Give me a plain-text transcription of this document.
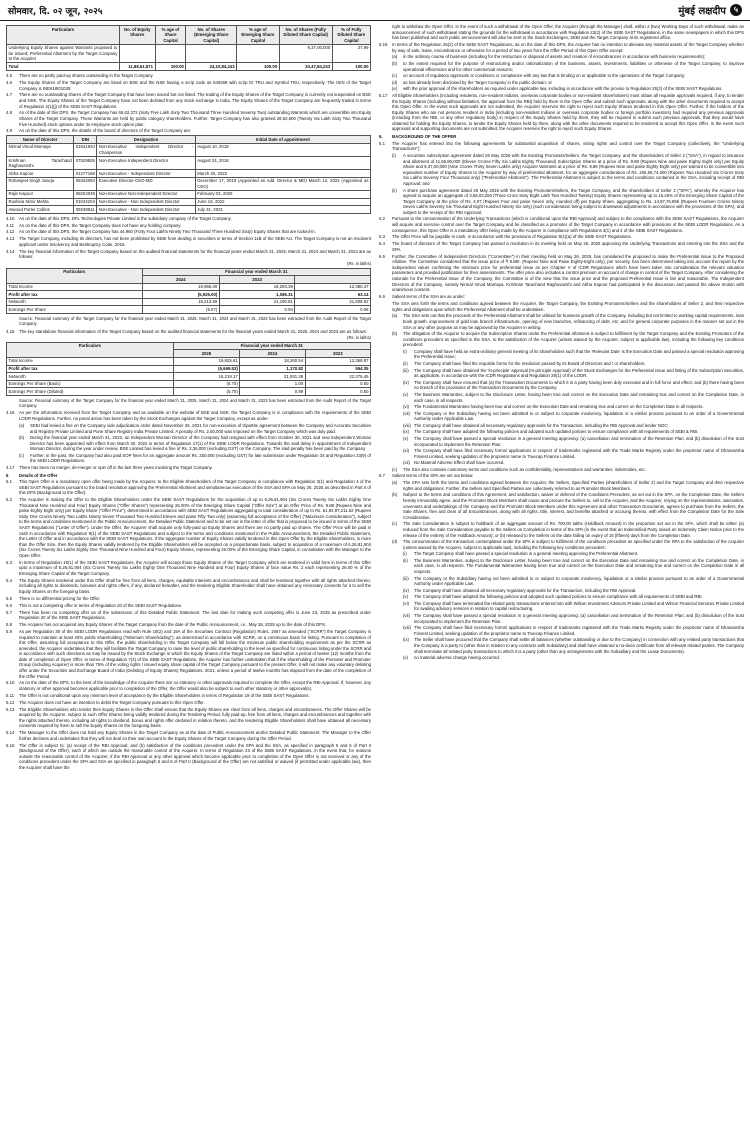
सोमवार, दि. ०२ जून, २०२५	मुंबई लक्षदीप ५
Particulars	No. of Equity Shares	% age of Share Capital	No. of Shares (Emerging Share Capital)	% age of Emerging Share Capital	No. of Shares (Fully Diluted Share Capital)	% of Fully Diluted Share Capital
Underlying Equity Shares against Warrants proposed to be issued; Preferential Allotment by the Target Company to the Acquirer					9,37,00,000	27.99
Total	11,88,61,871	100.00	24,10,84,243	100.00	33,47,84,243	100.00
4.5	There are no partly paid-up shares outstanding in the Target Company.
4.6	The Equity Shares of the Target Company are listed on BSE and the NSE having a scrip code as 540268 with scrip ID TRU and Symbol TRU, respectively. The ISIN of the Target Company is INE618I01029.
4.7	There are no outstanding shares of the Target Company that have been issued but not listed. The trading of the Equity Shares of the Target Company is currently not suspended on BSE and NSE. The Equity Shares of the Target Company have not been delisted from any stock exchange in India. The Equity Shares of the Target Company are frequently traded in terms of Regulation 2(1)(j) of the SEBI SAST Regulations.
4.8	As of the date of this DPS, the Target Company has 65,62,372 (Sixty Five Lakh Sixty Two Thousand Three Hundred Seventy Two) outstanding Warrants which are convertible into Equity Shares of the Target Company. These Warrants are held by public category shareholders. Further, Target Company has also granted 28,62,500 (Twenty Six Lakh Sixty Two Thousand Five Hundred) stock options under its employee stock option plan.
4.9	As on the date of this DPS, the details of the board of directors of the Target Company are:
Name of Director	DIN	Designation	Initial Date of appointment
Nirmal Vinod Momaya	01641934	Non-Executive Independent Director - Chairperson	August 10, 2018
Krishnan Tarachand Raghuvanshi	07529826	Non-Executive Independent Director	August 24, 2018
Abha Kapoor	01277168	Non-Executive - Independent Director	March 30, 2022
Rohanjeet Singh Juneja	08342094	Executive Director-CEO-MD	December 17, 2019 (Appointed as Add. Director & MD) March 12, 2022 (Appointed as CEO)
Rajiv Kapoor	08204049	Non-Executive Non-Independent Director	February 03, 2020
Rushina Nimir Mehta	01042204	Non-Executive - Non Independent Director	June 16, 2022
Atwood Porter Collins	09238511	Non-Executive - Non Independent Director	July 31, 2021
4.10	As on the date of this DPS, DFL Technologies Private Limited is the subsidiary company of the Target Company.
4.11	As on the date of this DPS, the Target Company does not have any holding company.
4.12	As on the date of this DPS, the Target Company has 44,960 (Forty Four Lakhs Ninety Two Thousand Three Hundred Sixty) Equity Shares that are locked-in.
4.13	The Target Company, including its directors, has not been prohibited by SEBI from dealing in securities in terms of Section 11B of the SEBI Act. The Target Company is not an Insolvent applicant under Insolvency and Bankruptcy Code, 2016.
4.14	The key financial information of the Target Company based on the audited financial statements for the financial years ended March 31, 2025, March 31, 2024 and March 31, 2023 are as follows:
(Rs. in lakhs)
Particulars	Financial year ended March 31		
	2024	2023	
Total Income	19,955.00	18,284.39	12,380.47
Profit after tax	(5,925.00)	1,086.31	63.14
Networth	16,213.69	21,190.81	21,608.92
Earnings Per Share	(5.07)	0.94	0.06
Source: Financial summary of the Target Company for the financial year ended March 31, 2025, March 31, 2024 and March 31, 2023 has been extracted from the Audit Report of the Target Company.
4.15	The key standalone financial information of the Target Company based on the audited financial statements for the financial years ended March 31, 2025, 2024 and 2023 are as follows:
(Rs. in lakhs)
Particulars	Financial year ended March 31		
	2025	2024	2023
Total Income	19,925.61	18,260.54	12,368.87
Profit after tax	(6,669.53)	1,170.82	554.35
Networth	16,219.17	21,931.38	22,275.45
Earnings Per Share (Basic)	(5.70)	1.00	0.50
Earnings Per Share (Diluted)	(5.70)	0.99	0.50
Source: Financial summary of the Target Company for the financial year ended March 31, 2025, March 31, 2024 and March 31, 2023 has been extracted from the Audit Report of the Target Company.
4.16	As per the information received from the Target Company and as available on the website of BSE and NSE, the Target Company is in compliance with the requirements of the SEBI LODR Regulations. Further, no penal action has been taken by the Stock Exchanges against the Target Company, except as under:
(a)	SEBI had levied a fine on the Company vide adjudication order dated November 25, 2021 for non-execution of tripartite agreement between the Company and Accurate Securities and Registry Private Limited and Pune Share Registry India Private Limited. A penalty of Rs. 2,50,000 was imposed on the Target Company which was duly paid.
(b)	During the financial year ended March 31, 2022, an Independent Woman Director of the Company had resigned with effect from October 30, 2021 and new Independent Woman Director has been appointed with effect from March 30, 2022 in terms of Regulation 17(1) of the SEBI LODR Regulations. Towards the said delay in appointment of Independent Woman Director, during the year under review, BSE Limited has levied a fine of Rs. 2,36,000 (excluding GST) on the Company. The said penalty has been paid by the Company.
(c)	Further, in the past, the Company had also paid SOP fines for an aggregate amount Rs. 250,000 (excluding GST) for late submission under Regulation 34 and Regulation 23(9) of the SEBI LODR Regulations.
4.17	There has been no merger, de-merger or spin off in the last three years involving the Target Company.
5	Details of the Offer
5.1	This Open Offer is a mandatory open offer being made by the Acquirer, to the Eligible Shareholders of the Target Company in compliance with Regulation 3(1) and Regulation 4 of the SEBI SAST Regulations pursuant to the board resolution approving the Preferential Allotment and simultaneous execution of the SSA and SPA on May 26, 2025 as described in Part II of this DPS (Background to the Offer).
5.2	The Acquirer is making the Offer to the Eligible Shareholders under the SEBI SAST Regulations for the acquisition of up to 6,26,81,904 (Six Crores Twenty Six Lakhs Eighty One Thousand Nine Hundred and Four) Equity Shares ("Offer Shares") representing 26.00% of the Emerging Share Capital ("Offer Size") at an Offer Price of Rs. 9.88 (Rupees Nine and paise Eighty Eight only) per Equity Share ("Offer Price"), determined in accordance with SEBI SAST Regulations aggregating to total consideration of up to Rs. 61,92,97,211.52 (Rupees Sixty One Crores Ninety Two Lakhs Ninety Seven Thousand Two Hundred Eleven and paise Fifty Two only) (assuming full acceptance of the Offer) ("Maximum Consideration"), subject to the terms and conditions mentioned in the Public Announcement, the Detailed Public Statement and to be set out in the letter of offer that is proposed to be issued in terms of the SEBI SAST Regulations ("Letter of Offer"). Under the Offer, the Acquirer shall acquire only fully-paid up Equity Shares and there are no partly paid up shares. The Offer Price will be paid in cash in accordance with Regulation 9(1) of the SEBI SAST Regulations and subject to the terms and conditions mentioned in the Public Announcement, the Detailed Public Statement, the Letter of Offer and in accordance with the SEBI SAST Regulations. If the aggregate number of Equity Shares validly tendered in this Open Offer by the Eligible Shareholders, is more than the Offer Size, then the Equity Shares validly tendered by the Eligible Shareholders will be accepted on a proportionate basis, subject to acquisition of a maximum of 6,26,81,904 (Six Crores Twenty Six Lakhs Eighty One Thousand Nine Hundred and Four) Equity Shares, representing 26.00% of the Emerging Share Capital, in consultation with the Manager to the Open Offer.
5.3	In terms of Regulation 19(1) of the SEBI SAST Regulations, the Acquirer will accept those Equity Shares of the Target Company which are tendered in valid form in terms of this Offer upto a maximum of 6,26,81,904 (Six Crores Twenty Six Lakhs Eighty One Thousand Nine Hundred and Four) Equity Shares of face value Rs. 2 each representing 26.00 % of the Emerging Share Capital of the Target Company.
5.4	The Equity Shares tendered under this Offer shall be free from all liens, charges, equitable interests and encumbrances and shall be tendered together with all rights attached thereto, including all rights to dividends, bonuses and rights offers, if any, declared hereafter, and the tendering Eligible Shareholder shall have obtained any necessary consents for it to sell the Equity Shares on the foregoing basis.
5.5	There is no differential pricing for the Offer.
5.6	This is not a competing offer in terms of Regulation 20 of the SEBI SAST Regulations.
5.7	There has been no competing offer as of the submission of this Detailed Public Statement. The last date for making such competing offer is June 23, 2025 as prescribed under Regulation 20 of the SEBI SAST Regulations.
5.8	The Acquirer has not acquired any Equity Shares of the Target Company from the date of the Public Announcement, i.e., May 26, 2025 up to the date of this DPS.
5.9	As per Regulation 38 of the SEBI LODR Regulations read with Rule 19(2) and 19A of the Securities Contract (Regulation) Rules, 1957 as amended ("SCRR") the Target Company is required to maintain at least 25% public shareholding ("Minimum Shareholding"), as determined in accordance with SCRR, on a continuous basis for listing. Pursuant to completion of this Offer, assuming full acceptance to this Offer, the public shareholding in the Target Company will fall below the minimum public shareholding requirement as per the SCRR as amended, the Acquirer undertakes that they will facilitate the Target Company to raise the level of public shareholding to the level as specified for continuous listing under the SCRR and in accordance with such directions as may be issued by the Stock Exchange in which the Equity Shares of the Target Company are listed within a period of twelve (12) months from the date of completion of Open Offer. In terms of Regulation 7(4) of the SEBI SAST Regulations, the Acquirer has further undertaken that if the shareholding of the Promoter and Promoter Group (including Acquirer) is more than 75% of the voting rights / issued equity share capital of the Target Company pursuant to the present Offer, it will not make any voluntary delisting offer under the Securities and Exchange Board of India (Delisting of Equity Shares) Regulations, 2021, unless a period of twelve months has elapsed from the date of the completion of the Offer Period.
5.10	As on the date of the DPS, to the best of the knowledge of the Acquirer there are no statutory or other approvals required to complete the Offer, except the RBI Approval. If, however, any statutory or other approval becomes applicable prior to completion of the Offer, the Offer would also be subject to such other statutory or other approval(s).
5.11	The Offer is not conditional upon any minimum level of acceptance by the Eligible Shareholders in terms of Regulation 19 of the SEBI SAST Regulations.
5.12	The Acquirer does not have an intention to delist the Target Company pursuant to this Open Offer.
5.13	The Eligible Shareholders who tender their Equity Shares in this Offer shall ensure that the Equity Shares are clear from all liens, charges and encumbrances. The Offer Shares will be acquired by the Acquirer, subject to such Offer Shares being validly tendered during the Tendering Period, fully paid-up, free from all liens, charges and encumbrances and together with the rights attached thereto, including all rights to dividend, bonus and rights offer declared in relation thereto, and the tendering Eligible Shareholders shall have obtained all necessary consents required by them to sell the Equity Shares on the foregoing basis.
5.14	The Manager to the Offer does not hold any Equity Shares in the Target Company as at the date of Public Announcement and/or Detailed Public Statement. The Manager to the Offer further declares and undertakes that they will not deal on their own account in the Equity Shares of the Target Company during the Offer Period.
5.15	The Offer is subject to: (a) receipt of the RBI Approval; and (b) satisfaction of the conditions precedent under the SPA and the SSA, as specified in paragraph 5 and 6 of Part II (Background of the Offer), each of which are outside the reasonable control of the Acquirer. In terms of Regulation 23 of the SEBI SAST Regulations, in the event that, for reasons outside the reasonable control of the Acquirer, if the RBI Approval or any other approval which become applicable prior to completion of the Open Offer is not received or any of the conditions precedent under the SPA and SSA as specified in paragraph 5 and 6 of Part II (Background of the Offer) are not satisfied or waived (if permitted under applicable law), then the Acquirer shall have the
right to withdraw the Open Offer. In the event of such a withdrawal of the Open Offer, the Acquirer (through the Manager) shall, within 2 (two) Working Days of such withdrawal, make an announcement of such withdrawal stating the grounds for the withdrawal in accordance with Regulation 23(2) of the SEBI SAST Regulations, in the same newspapers in which this DPS has been published and such public announcement will also be sent to the Stock Exchanges, SEBI and the Target Company at its registered office.
5.16	In terms of the Regulation 25(2) of the SEBI SAST Regulations, as on the date of this DPS, the Acquirer has no intention to alienate any material assets of the Target Company whether by way of sale, lease, encumbrance or otherwise for a period of two years from the Offer Period of this Open Offer except:
(a)	in the ordinary course of business (including for the restructure or disposal of assets and creation of encumbrances in accordance with business requirements);
(b)	to the extent required for the purpose of restructuring and/or rationalization of the business, assets, investments, liabilities or otherwise of the Target Company, to improve operational efficiencies and for other commercial reasons;
(c)	on account of regulatory approvals or conditions or compliance with any law that is binding on or applicable to the operations of the Target Company;
(d)	as has already been disclosed by the Target Company in the public domain; or
(e)	with the prior approval of the shareholders as required under applicable law, including in accordance with the proviso to Regulation 25(2) of the SEBI SAST Regulations.
5.17	All Eligible Shareholders (including residents, non-resident Indians, overseas corporate bodies or non-resident shareholders) must obtain all requisite approvals required, if any, to tender the Equity Shares (including without limitation, the approval from the RBI) held by them in the Open Offer and submit such approvals, along with the other documents required to accept this Open Offer. In the event such approvals are not submitted, the Acquirer reserves the right to reject such Equity Shares tendered in this Open Offer. Further, if the holders of the Equity Shares who are not persons resident in India (including non-resident Indians or overseas corporate bodies or foreign portfolio investors) had required any previous approvals (including from the RBI, or any other regulatory body) in respect of the Equity Shares held by them, they will be required to submit such previous approvals, that they would have obtained for holding the Equity Shares, to tender the Equity Shares held by them, along with the other documents required to be tendered to accept this Open Offer. In the event such approvals and supporting documents are not submitted, the Acquirer reserves the right to reject such Equity Shares.
6.	BACKGROUND OF THE OFFER
6.1	The Acquirer has entered into the following agreements for substantial acquisition of shares, voting rights and control over the Target Company (collectively, the "Underlying Transactions"):
(i)	A securities subscription agreement dated 26 May 2025 with the Existing Promoters/Sellers, the Target Company, and the shareholders of Seller 2 ("SSA"), in regard to issuance and allotment of 11,56,80,000 (Eleven Crores Fifty Six Lakhs Eighty Thousand) Subscription Shares at a price of Rs. 9.88 (Rupees Nine and paise Eighty Eight only) per Equity Share and 9,37,00,000 (Nine Crores Thirty Seven Lakhs only) Acquirer Warrants at a price of Rs. 9.88 (Rupees Nine and paise Eighty Eight only) per warrant to be convertible into equivalent number of Equity Shares to the Acquirer by way of preferential allotment, for an aggregate consideration of Rs. 206,66,74,000 (Rupees Two Hundred Six Crores Sixty Six Lakhs Seventy Four Thousand only) ("Preferential Allotment"). The Preferential Allotment is subject to the terms and conditions contained in the SSA, including receipt of RBI Approval; and
(ii)	A share purchase agreement dated 26 May 2025 with the Existing Promoters/Sellers, the Target Company, and the shareholders of Seller 2 ("SPA"), whereby the Acquirer has agreed to acquire an aggregate of 3,68,03,250 (Three Crore Sixty Eight Lakh Two Hundred Twenty) Equity Shares representing up to 15.26% of the Emerging Share Capital of the Target Company at the price of Rs. 4.07 (Rupees Four and paise Seven only, rounded off) per Equity Share, aggregating to Rs. 14,97,76,896 (Rupees Fourteen Crores Ninety Seven Lakhs Seventy Six Thousand Eight Hundred Ninety Six only) (such consideration being subject to downward adjustments in accordance with the provisions of the SPA), and subject to the receipt of the RBI Approval.
6.2	Pursuant to the consummation of the Underlying Transactions (which is conditional upon the RBI Approval) and subject to the compliance with the SEBI SAST Regulations, the Acquirer will acquire and exercise control over the Target Company and be classified as a promoter of the Target Company in accordance with provisions of the SEBI LODR Regulations. As a consequence, this Open Offer is a mandatory offer being made by the Acquirer in compliance with Regulations 3(1) and 4 of the SEBI SAST Regulations.
6.3	The Offer Price will be payable in cash, in accordance with the provisions of Regulation 9(1)(a) of the SEBI SAST Regulations.
6.4	The board of directors of the Target Company has passed a resolution in its meeting held on May 26, 2025 approving the Underlying Transactions and entering into the SSA and the SPA.
6.5	Further, the Committee of Independent Directors ("Committee") in their meeting held on May 26, 2025, has considered the proposed to make the Preferential Issue to the Proposed Allottee. The Committee considered that the issue price of ₹ 9.88/- (Rupees Nine and Paise Eighty-Eight only), per security, has been determined taking into account the report by the independent valuer confirming the minimum price for preferential issue as per Chapter V of ICDR Regulations which have been taken into consideration the relevant valuation parameters and provided justification for their assessments. The offer price also includes a control premium on account of change in control of the Target Company. After considering the rationale for the Preferential Issue of the Company, the Committee is of the view that the issue price and the proposed Preferential Issue is fair and reasonable. The Independent Directors of the Company, namely Nirmal Vinod Momaya, Krishnan Tarachand Raghuvanshi and Abha Kapoor had participated in the discussion and passed the above motion with unanimous consent.
6.6	Salient terms of the SSA are as under:
The SSA sets forth the terms and conditions agreed between the Acquirer, the Target Company, the Existing Promoters/Sellers and the shareholders of Seller 2, and their respective rights and obligations upon which the Preferential Allotment shall be undertaken.
(a)	The SSA sets out that the proceeds of the Preferential Allotment shall be utilised for business growth of the Company, including but not limited to working capital requirements, loan book growth, improvement of gold loan branch infrastructure, opening of new branches, refinancing of debt, etc; and for general corporate purposes in the manner set out in the SSA or any other purpose as may be approved by the Acquirer in writing.
(b)	The obligation of the Acquirer to acquire the Subscription Shares under the Preferential Allotment is subject to fulfilment by the Target Company and the Existing Promoters of the conditions precedent as specified in the SSA, to the satisfaction of the Acquirer (unless waived by the Acquirer, subject to applicable law), including the following key conditions precedent:
(i)	Company shall have held an extra-ordinary general meeting of its shareholders such that the 'Relevant Date' is the Execution Date and passed a special resolution approving the Preferential Issue;
(ii)	The Company shall have filed the requisite forms for the resolution passed by its Board of Directors and / or shareholders.
(iii)	The Company shall have obtained the 'in-principle' approval (In-principle Approval) of the Stock Exchanges for the Preferential Issue and listing of the Subscription Securities, as applicable, in accordance with the ICDR Regulations and Regulation 28(1) of the LODR.
(iv)	The Company shall have ensured that (a) the Transaction Documents to which it is a party having been duly executed and in full force and effect; and (b) there having been no breach of the provisions of the Transaction Documents by the Company.
(v)	The Business Warranties, subject to the Disclosure Letter, having been true and correct on the Execution Date and remaining true and correct on the Completion Date, in each case, in all respects.
(vi)	The Fundamental Warranties having been true and correct on the Execution Date and remaining true and correct on the Completion Date in all respects.
(vii) The Company or the Subsidiary having not been admitted to or subject to corporate insolvency, liquidation or a similar process pursuant to an order of a Governmental Authority under Applicable Law.
(viii) The Company shall have obtained all necessary regulatory approvals for the Transaction, including the RBI Approval and lender NOC;
(ix)	The Company shall have adopted the following policies and adopted such updated policies to ensure compliance with all requirements of SEBI & RBI.
(x)	The Company shall have passed a special resolution in a general meeting approving: (a) cancellation and termination of the Retention Plan; and (b) dissolution of the trust incorporated to implement the Retention Plan.
(xi)	The Company shall have filed necessary forms/ applications in respect of trademarks registered with the Trade Marks Registry under the proprietor name of Dhanvarsha Finvest Limited, seeking updation of the proprietor name to Truecap Finance Limited.
(xii) No Material Adverse Effect shall have occurred.
(c)	The SSA also contains customary terms and conditions such as confidentiality, representations and warranties, indemnities, etc.
6.7	Salient terms of the SPA are set out below:
(a)	The SPA sets forth the terms and conditions agreed between the Acquirer, the Sellers, Specified Parties (shareholders of Seller 2) and the Target Company and their respective rights and obligations. Further, the Sellers and Specified Parties are collectively referred to as Promoter Block Members.
(b)	Subject to the terms and conditions of this Agreement, and satisfaction, waiver or deferral of the Conditions Precedent, as set out in the SPA, on the Completion Date, the Sellers hereby irrevocably agree, and the Promoter Block Members shall cause and procure the Sellers to, sell to the Acquirer, and the Acquirer, relying on the representations, warranties, covenants and undertakings of the Company and the Promoter Block Members under this Agreement and other Transaction Documents, agrees to purchase from the Sellers, the Sale Shares, free and clear of all Encumbrances, along with all rights, title, interest, and benefits attached or accruing thereto, with effect from the Completion Date for the Sale Consideration.
(c)	The Sale Consideration is subject to holdback of an aggregate amount of Rs. 700.00 lakhs (Holdback Amount) in the proportion set out in the SPA, which shall be either (a) reduced from the Sale Consideration payable to the Sellers on Completion in terms of the SPA (in the event that an Indemnified Party raised an Indemnity Claim Notice prior to the release of the entirety of the Holdback Amount); or (b) released to the Sellers on the date falling on expiry of 15 (fifteen) days from the Completion Date.
(d)	The consummation of the transaction contemplated under the SPA is subject to fulfilment of the conditions precedent as specified under the SPA to the satisfaction of the Acquirer (unless waived by the Acquirer, subject to applicable law), including the following key conditions precedent:
(i)	The Target Company shall have passed a special resolution in a general meeting approving the Preferential Allotment.
(ii)	The Business Warranties, subject to the Disclosure Letter, having been true and correct on the Execution Date and remaining true and correct on the Completion Date, in each case, in all respects. The Fundamental Warranties having been true and correct on the Execution Date and remaining true and correct on the Completion Date in all respects.
(iii)	The Company or the Subsidiary having not been admitted to or subject to corporate insolvency, liquidation or a similar process pursuant to an order of a Governmental Authority under Applicable Law.
(iv)	The Company shall have obtained all necessary regulatory approvals for the Transaction, including the RBI Approval.
(v)	The Company shall have adopted the following policies and adopted such updated policies to ensure compliance with all requirements of SEBI and RBI.
(vi)	The Company shall have terminated the related party transactions entered into with Wilson Investment Advisors Private Limited and Wilson Financial Services Private Limited for availing advisory services in relation to capital restructuring.
(vii) The Company shall have passed a special resolution in a general meeting approving: (a) cancellation and termination of the Retention Plan; and (b) dissolution of the trust incorporated to implement the Retention Plan.
(viii) The Company shall have filed necessary forms/ applications in respect of trademarks registered with the Trade Marks Registry under the proprietor name of Dhanvarsha Finvest Limited, seeking updation of the proprietor name to Truecap Finance Limited.
(ix)	The Seller shall have procured that the Company shall settle all balances (whether outstanding or due to the Company) in connection with any related party transactions that the Company is a party to (other than in relation to any contracts with Subsidiary) and shall have obtained a no-dues certificate from all relevant related parties. The Company shall terminate all related party transactions to which it is a party (other than any arrangements with the Subsidiary and the Lease Documents).
(x)	no material adverse change having occurred.
